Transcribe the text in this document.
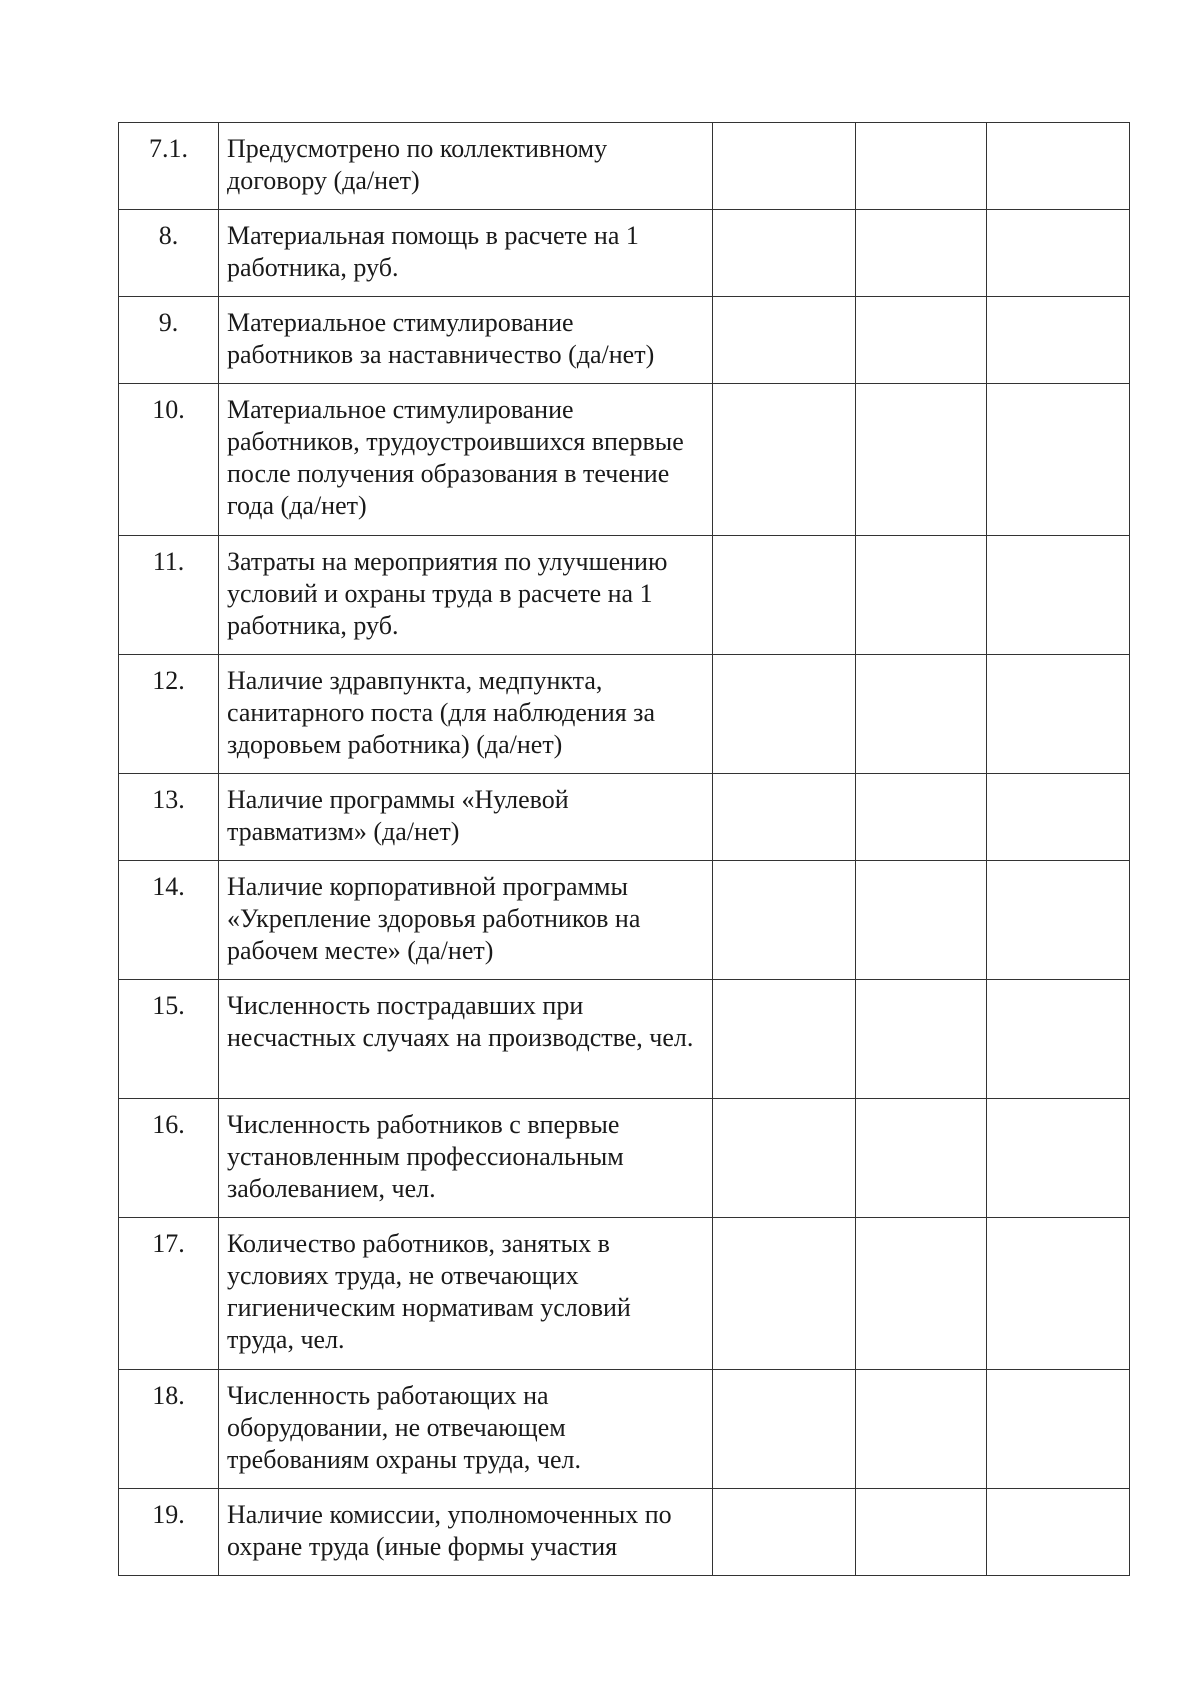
7.1.	Предусмотрено по коллективному договору (да/нет)			
8.	Материальная помощь в расчете на 1 работника, руб.			
9.	Материальное стимулирование работников за наставничество (да/нет)			
10.	Материальное стимулирование работников, трудоустроившихся впервые после получения образования в течение года (да/нет)			
11.	Затраты на мероприятия по улучшению условий и охраны труда в расчете на 1 работника, руб.			
12.	Наличие здравпункта, медпункта, санитарного поста (для наблюдения за здоровьем работника) (да/нет)			
13.	Наличие программы «Нулевой травматизм» (да/нет)			
14.	Наличие корпоративной программы «Укрепление здоровья работников на рабочем месте» (да/нет)			
15.	Численность пострадавших при несчастных случаях на производстве, чел.			
16.	Численность работников с впервые установленным профессиональным заболеванием, чел.			
17.	Количество работников, занятых в условиях труда, не отвечающих гигиеническим нормативам условий труда, чел.			
18.	Численность работающих на оборудовании, не отвечающем требованиям охраны труда, чел.			
19.	Наличие комиссии, уполномоченных по охране труда (иные формы участия			
